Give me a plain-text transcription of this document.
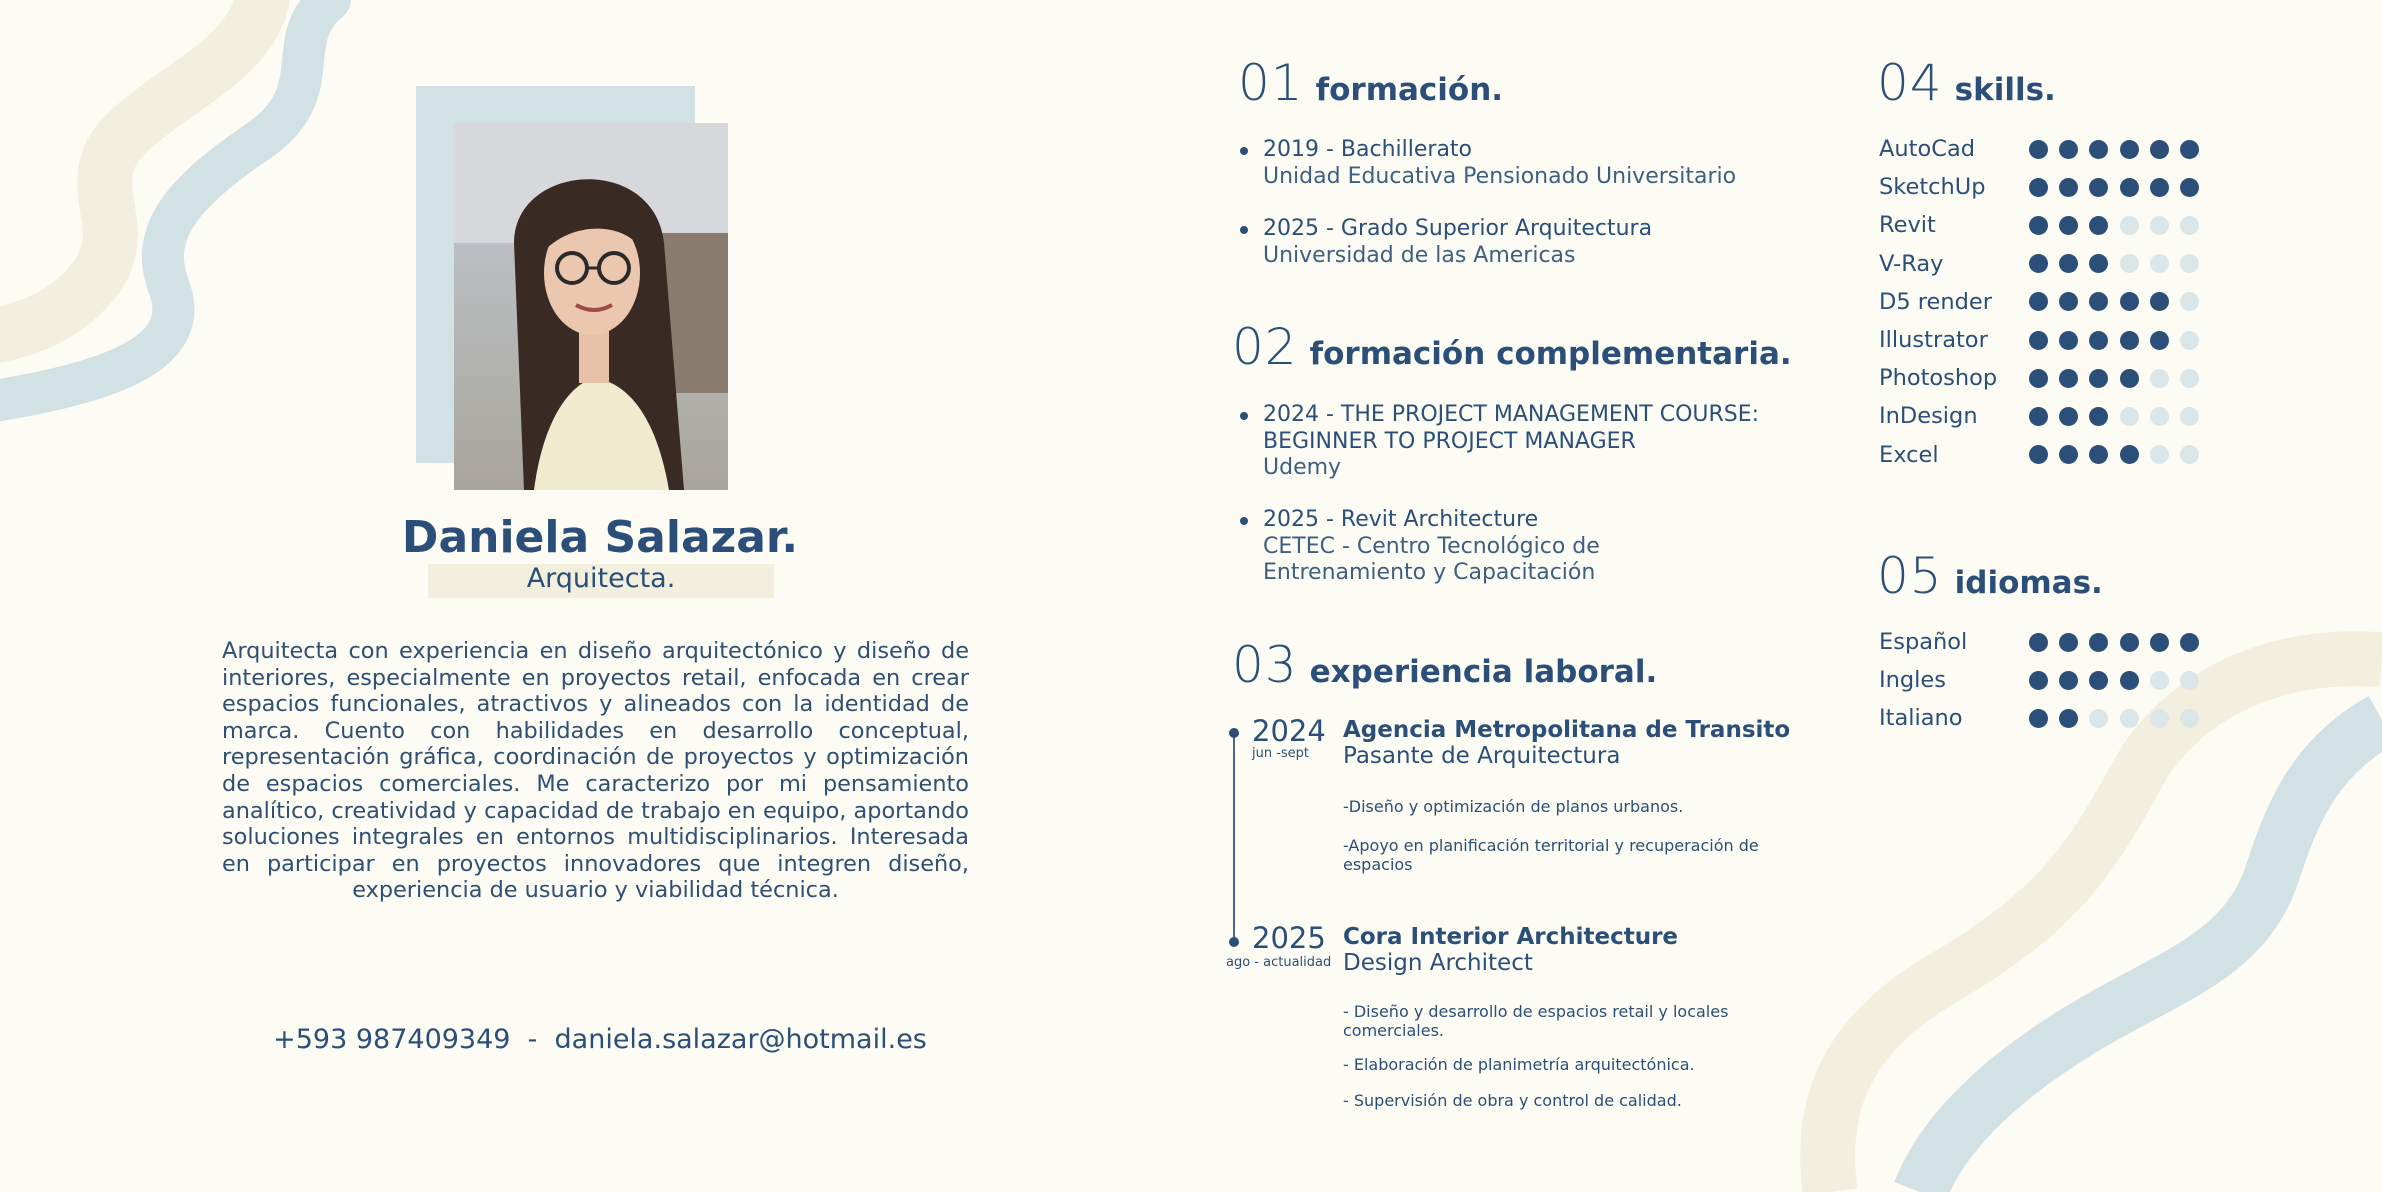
Daniela Salazar.
Arquitecta.
Arquitecta con experiencia en diseño arquitectónico y diseño de interiores, especialmente en proyectos retail, enfocada en crear espacios funcionales, atractivos y alineados con la identidad de marca. Cuento con habilidades en desarrollo conceptual, representación gráfica, coordinación de proyectos y optimización de espacios comerciales. Me caracterizo por mi pensamiento analítico, creatividad y capacidad de trabajo en equipo, aportando soluciones integrales en entornos multidisciplinarios. Interesada en participar en proyectos innovadores que integren diseño, experiencia de usuario y viabilidad técnica.
+593 987409349  -  daniela.salazar@hotmail.es
01 formación.
2019 - Bachillerato
Unidad Educativa Pensionado Universitario
2025 - Grado Superior Arquitectura
Universidad de las Americas
02 formación complementaria.
2024 - THE PROJECT MANAGEMENT COURSE:
BEGINNER TO PROJECT MANAGER
Udemy
2025 - Revit Architecture
CETEC - Centro Tecnológico de
Entrenamiento y Capacitación
03 experiencia laboral.
2024
jun -sept
Agencia Metropolitana de Transito
Pasante de Arquitectura
-Diseño y optimización de planos urbanos.
-Apoyo en planificación territorial y recuperación de espacios
2025
ago - actualidad
Cora Interior Architecture
Design Architect
- Diseño y desarrollo de espacios retail y locales comerciales.
- Elaboración de planimetría arquitectónica.
- Supervisión de obra y control de calidad.
04 skills.
AutoCad
SketchUp
Revit
V-Ray
D5 render
Illustrator
Photoshop
InDesign
Excel
05 idiomas.
Español
Ingles
Italiano
